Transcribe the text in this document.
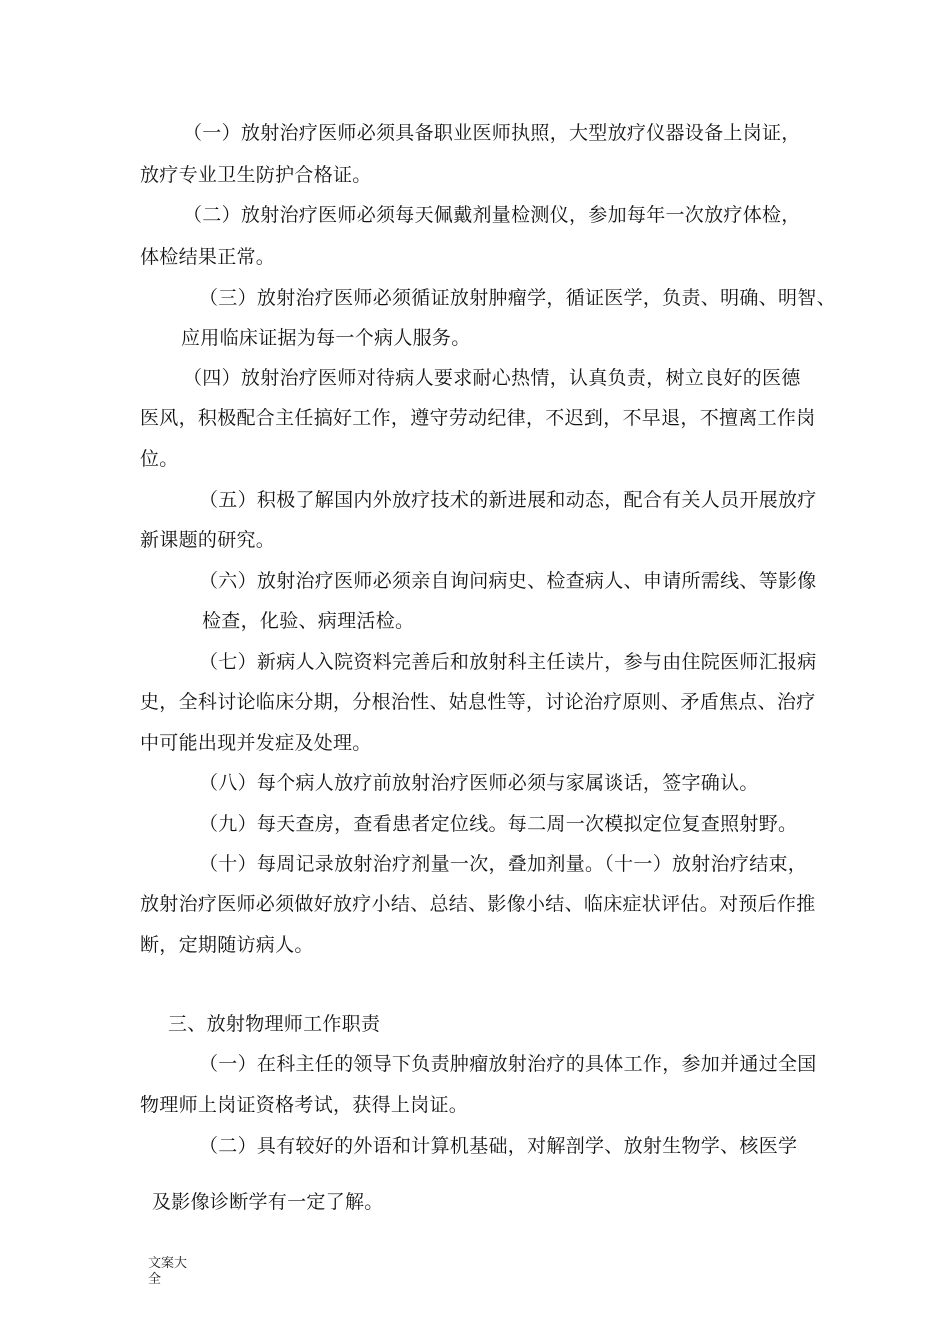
（一）放射治疗医师必须具备职业医师执照，大型放疗仪器设备上岗证，
放疗专业卫生防护合格证。
（二）放射治疗医师必须每天佩戴剂量检测仪，参加每年一次放疗体检，
体检结果正常。
（三）放射治疗医师必须循证放射肿瘤学，循证医学，负责、明确、明智、
应用临床证据为每一个病人服务。
（四）放射治疗医师对待病人要求耐心热情，认真负责，树立良好的医德
医风，积极配合主任搞好工作，遵守劳动纪律，不迟到，不早退，不擅离工作岗
位。
（五）积极了解国内外放疗技术的新进展和动态，配合有关人员开展放疗
新课题的研究。
（六）放射治疗医师必须亲自询问病史、检查病人、申请所需线、等影像
检查，化验、病理活检。
（七）新病人入院资料完善后和放射科主任读片，参与由住院医师汇报病
史，全科讨论临床分期，分根治性、姑息性等，讨论治疗原则、矛盾焦点、治疗
中可能出现并发症及处理。
（八）每个病人放疗前放射治疗医师必须与家属谈话，签字确认。
（九）每天查房，查看患者定位线。每二周一次模拟定位复查照射野。
（十）每周记录放射治疗剂量一次，叠加剂量。（十一）放射治疗结束，
放射治疗医师必须做好放疗小结、总结、影像小结、临床症状评估。对预后作推
断，定期随访病人。
三、放射物理师工作职责
（一）在科主任的领导下负责肿瘤放射治疗的具体工作，参加并通过全国
物理师上岗证资格考试，获得上岗证。
（二）具有较好的外语和计算机基础，对解剖学、放射生物学、核医学
及影像诊断学有一定了解。
文案大全
